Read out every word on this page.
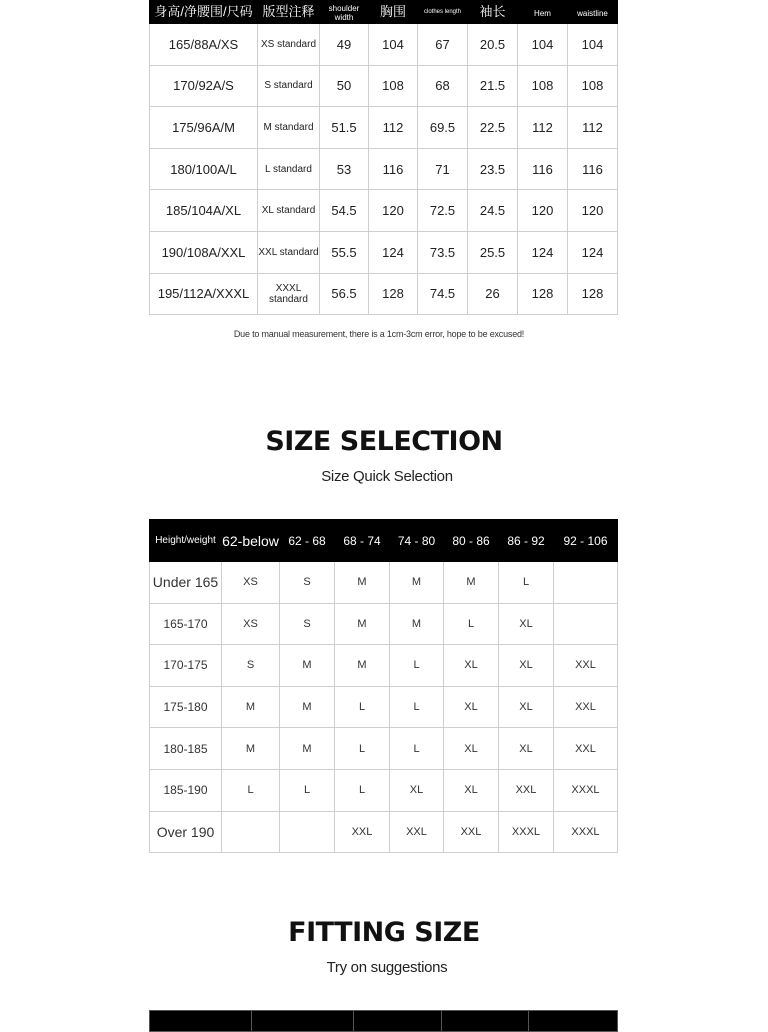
身高/净腰围/尺码	版型注释	shoulder width	胸围	clothes length	袖长	Hem	waistline

165/88A/XS	XS standard	49	104	67	20.5	104	104
170/92A/S	S standard	50	108	68	21.5	108	108
175/96A/M	M standard	51.5	112	69.5	22.5	112	112
180/100A/L	L standard	53	116	71	23.5	116	116
185/104A/XL	XL standard	54.5	120	72.5	24.5	120	120
190/108A/XXL	XXL standard	55.5	124	73.5	25.5	124	124
195/112A/XXXL	XXXL standard	56.5	128	74.5	26	128	128
Due to manual measurement, there is a 1cm-3cm error, hope to be excused!
SIZE SELECTION

Size Quick Selection

Height/weight	62-below	62 - 68	68 - 74	74 - 80	80 - 86	86 - 92	92 - 106
Under 165	XS	S	M	M	M	L	
165-170	XS	S	M	M	L	XL	
170-175	S	M	M	L	XL	XL	XXL
175-180	M	M	L	L	XL	XL	XXL
180-185	M	M	L	L	XL	XL	XXL
185-190	L	L	L	XL	XL	XXL	XXXL
Over 190			XXL	XXL	XXL	XXXL	XXXL
FITTING SIZE

Try on suggestions
